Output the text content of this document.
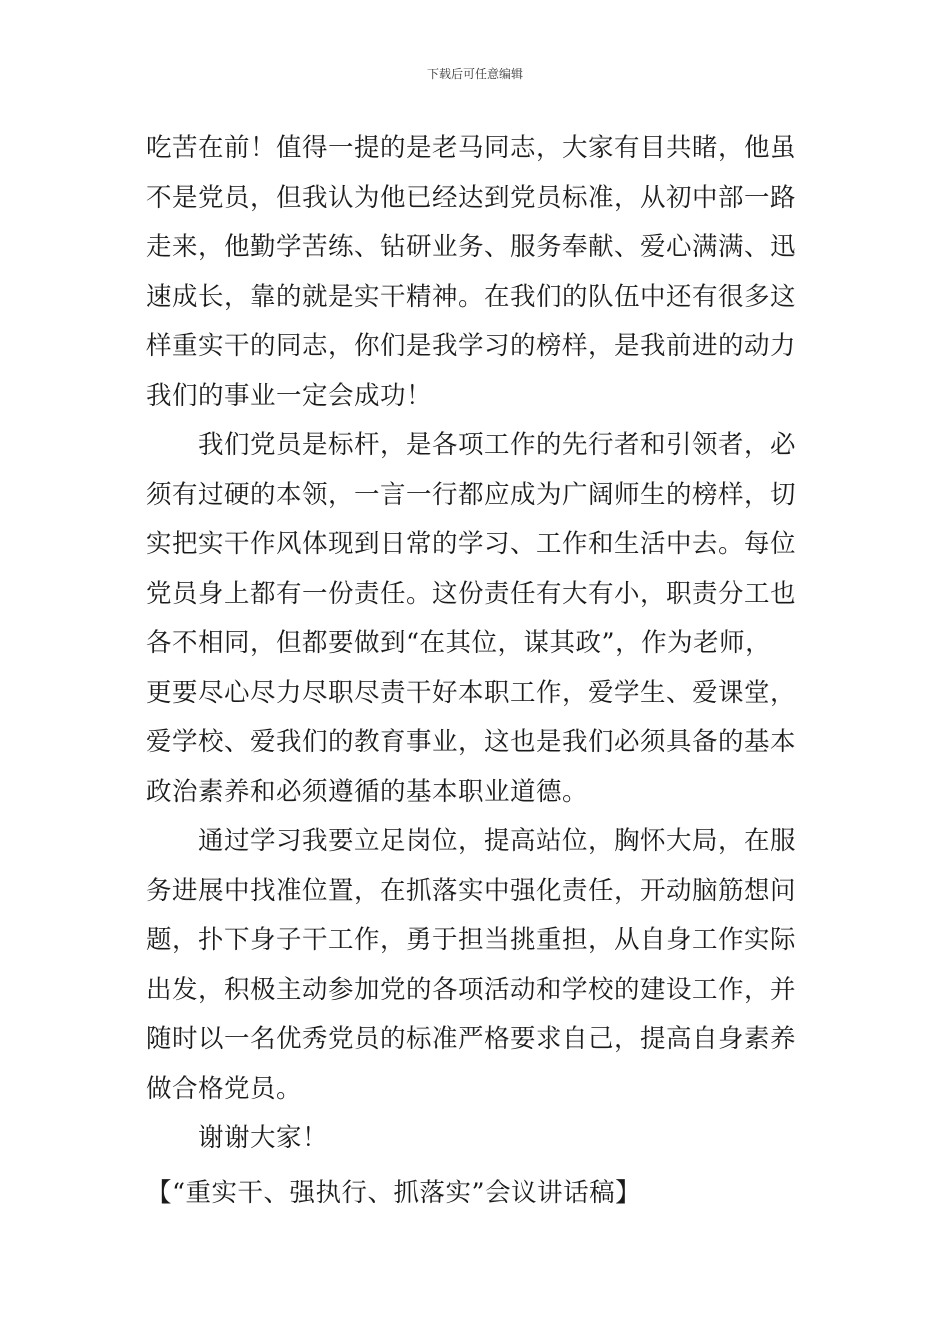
下载后可任意编辑
吃苦在前！值得一提的是老马同志，大家有目共睹，他虽
不是党员，但我认为他已经达到党员标准，从初中部一路
走来，他勤学苦练、钻研业务、服务奉献、爱心满满、迅
速成长，靠的就是实干精神。在我们的队伍中还有很多这
样重实干的同志，你们是我学习的榜样，是我前进的动力
我们的事业一定会成功！
我们党员是标杆，是各项工作的先行者和引领者，必
须有过硬的本领，一言一行都应成为广阔师生的榜样，切
实把实干作风体现到日常的学习、工作和生活中去。每位
党员身上都有一份责任。这份责任有大有小，职责分工也
各不相同，但都要做到“在其位，谋其政”，作为老师，
更要尽心尽力尽职尽责干好本职工作，爱学生、爱课堂，
爱学校、爱我们的教育事业，这也是我们必须具备的基本
政治素养和必须遵循的基本职业道德。
通过学习我要立足岗位，提高站位，胸怀大局，在服
务进展中找准位置，在抓落实中强化责任，开动脑筋想问
题，扑下身子干工作，勇于担当挑重担，从自身工作实际
出发，积极主动参加党的各项活动和学校的建设工作，并
随时以一名优秀党员的标准严格要求自己，提高自身素养
做合格党员。
谢谢大家！
【“重实干、强执行、抓落实”会议讲话稿】
